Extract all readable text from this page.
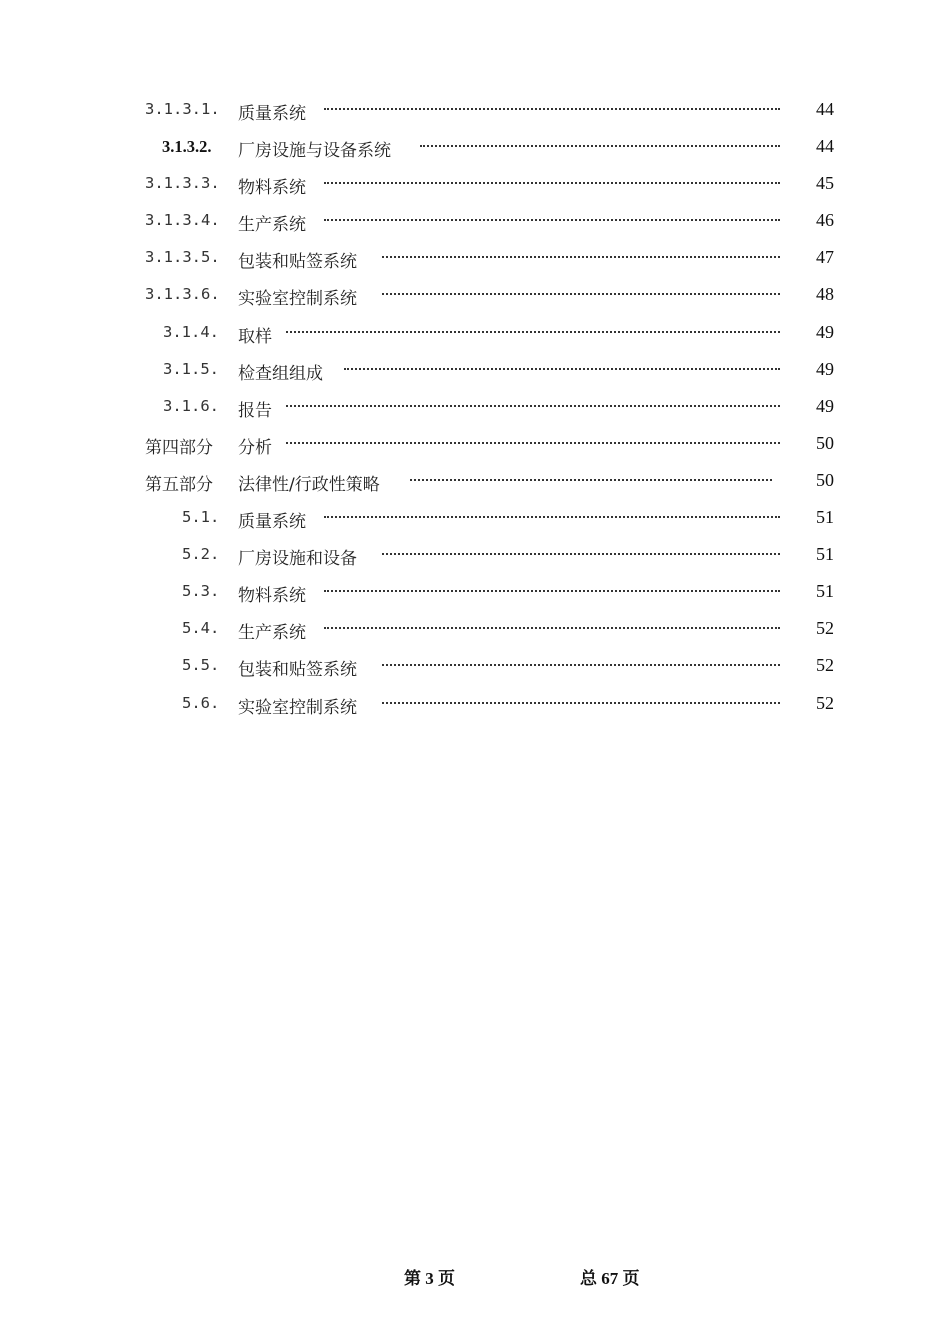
3.1.3.1. 质量系统	44
3.1.3.2. 厂房设施与设备系统	44
3.1.3.3. 物料系统	45
3.1.3.4. 生产系统	46
3.1.3.5. 包装和贴签系统	47
3.1.3.6. 实验室控制系统	48
3.1.4. 取样	49
3.1.5. 检查组组成	49
3.1.6. 报告	49
第四部分 分析	50
第五部分 法律性/行政性策略	50
5.1. 质量系统	51
5.2. 厂房设施和设备	51
5.3. 物料系统	51
5.4. 生产系统	52
5.5. 包装和贴签系统	52
5.6. 实验室控制系统	52
第 3 页	总 67 页
